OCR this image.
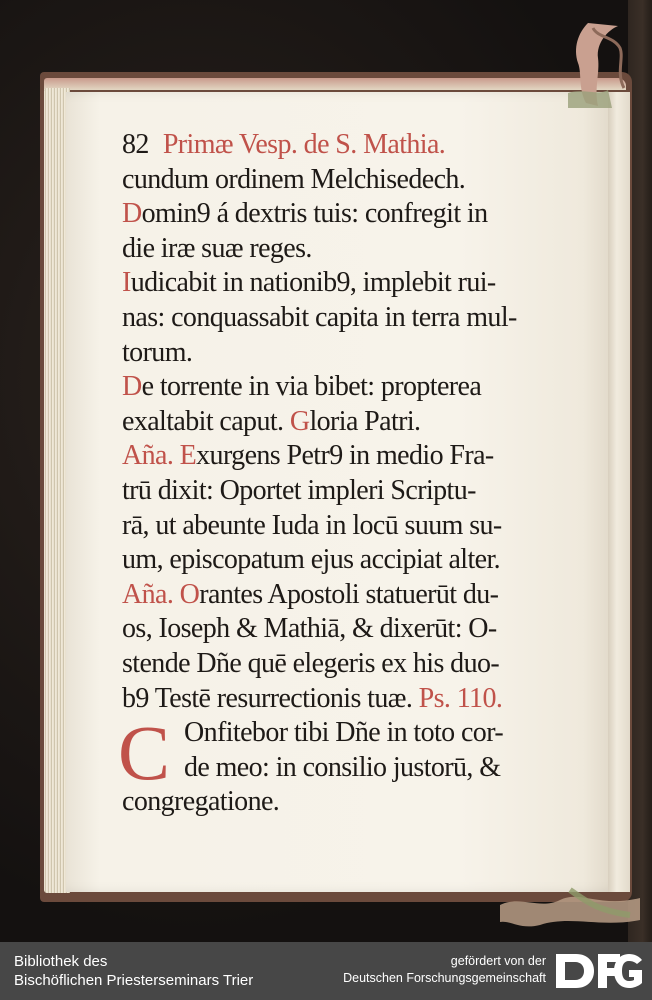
82 Primæ Vesp. de S. Mathia.
cundum ordinem Melchisedech.
Domin9 á dextris tuis: confregit in
die iræ suæ reges.
Iudicabit in nationib9, implebit rui-
nas: conquassabit capita in terra mul-
torum.
De torrente in via bibet: propterea
exaltabit caput. Gloria Patri.
Añа. Exurgens Petr9 in medio Fra-
trū dixit: Oportet impleri Scriptu-
rā, ut abeunte Iuda in locū suum su-
um, episcopatum ejus accipiat alter.
Aña. Orantes Apostoli statuerūt du-
os, Ioseph & Mathiā, & dixerūt: O-
stende Dñe quē elegeris ex his duo-
b9 Testē resurrectionis tuæ. Ps. 110.
C Onfitebor tibi Dñe in toto cor-
de meo: in consilio justorū, &
congregatione.
Bibliothek des
Bischöflichen Priesterseminars Trier
gefördert von der
Deutschen Forschungsgemeinschaft
